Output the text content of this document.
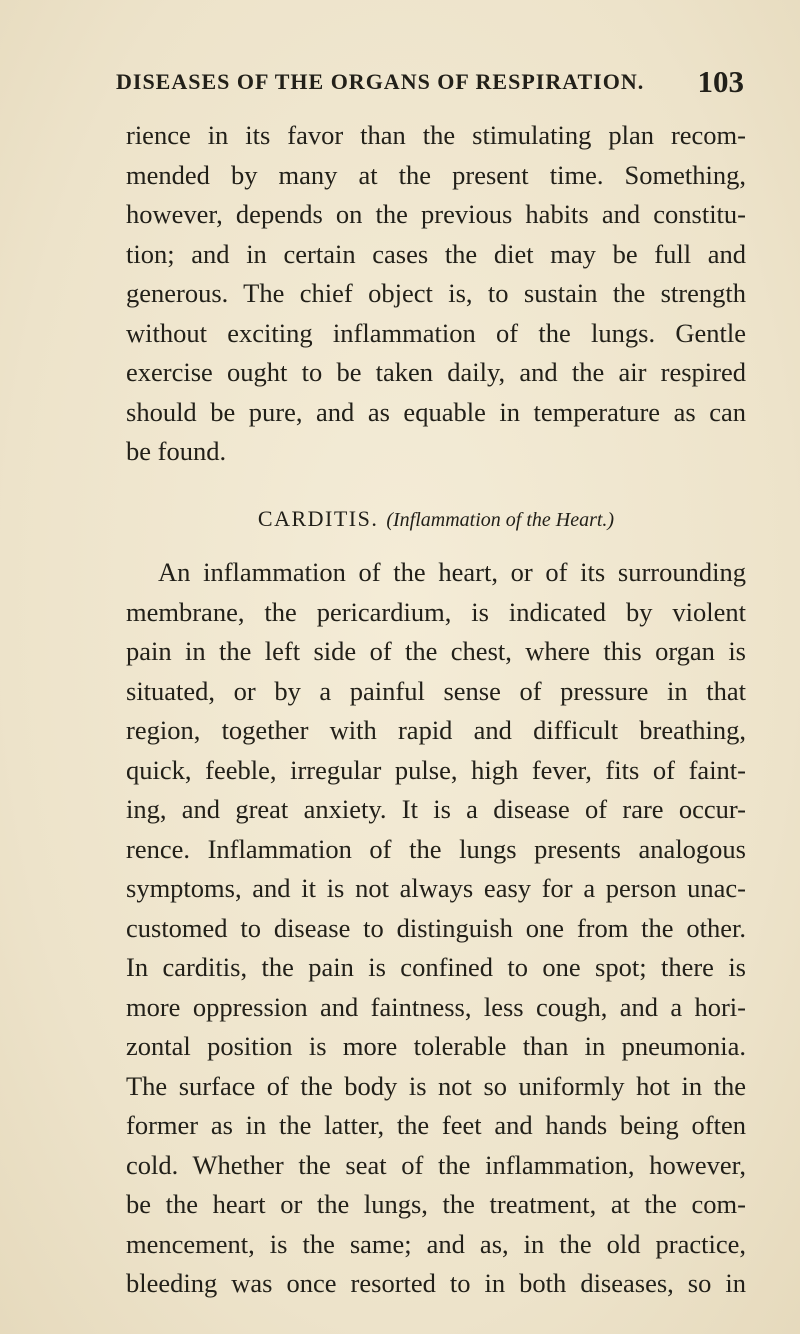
DISEASES OF THE ORGANS OF RESPIRATION. 103
rience in its favor than the stimulating plan recom-
mended by many at the present time. Something,
however, depends on the previous habits and constitu-
tion; and in certain cases the diet may be full and
generous. The chief object is, to sustain the strength
without exciting inflammation of the lungs. Gentle
exercise ought to be taken daily, and the air respired
should be pure, and as equable in temperature as can
be found.
CARDITIS. (Inflammation of the Heart.)
An inflammation of the heart, or of its surrounding
membrane, the pericardium, is indicated by violent
pain in the left side of the chest, where this organ is
situated, or by a painful sense of pressure in that
region, together with rapid and difficult breathing,
quick, feeble, irregular pulse, high fever, fits of faint-
ing, and great anxiety. It is a disease of rare occur-
rence. Inflammation of the lungs presents analogous
symptoms, and it is not always easy for a person unac-
customed to disease to distinguish one from the other.
In carditis, the pain is confined to one spot; there is
more oppression and faintness, less cough, and a hori-
zontal position is more tolerable than in pneumonia.
The surface of the body is not so uniformly hot in the
former as in the latter, the feet and hands being often
cold. Whether the seat of the inflammation, however,
be the heart or the lungs, the treatment, at the com-
mencement, is the same; and as, in the old practice,
bleeding was once resorted to in both diseases, so in
